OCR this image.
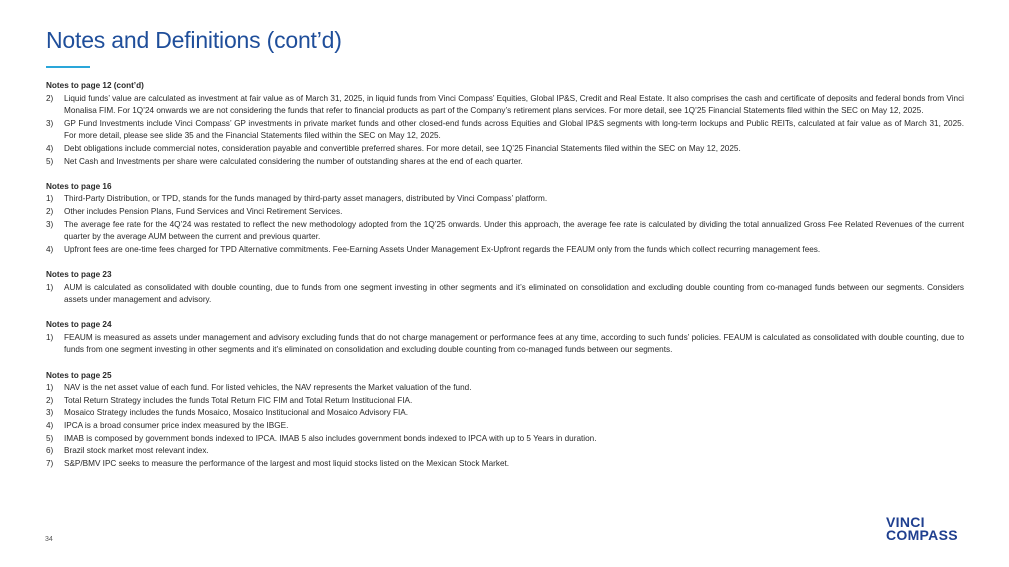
Notes and Definitions (cont’d)
Notes to page 12 (cont’d)
2)	Liquid funds’ value are calculated as investment at fair value as of March 31, 2025, in liquid funds from Vinci Compass’ Equities, Global IP&S, Credit and Real Estate. It also comprises the cash and certificate of deposits and federal bonds from Vinci Monalisa FIM. For 1Q’24 onwards we are not considering the funds that refer to financial products as part of the Company’s retirement plans services. For more detail, see 1Q’25 Financial Statements filed within the SEC on May 12, 2025.
3)	GP Fund Investments include Vinci Compass’ GP investments in private market funds and other closed-end funds across Equities and Global IP&S segments with long-term lockups and Public REITs, calculated at fair value as of March 31, 2025. For more detail, please see slide 35 and the Financial Statements filed within the SEC on May 12, 2025.
4)	Debt obligations include commercial notes, consideration payable and convertible preferred shares. For more detail, see 1Q’25 Financial Statements filed within the SEC on May 12, 2025.
5)	Net Cash and Investments per share were calculated considering the number of outstanding shares at the end of each quarter.
Notes to page 16
1)	Third-Party Distribution, or TPD, stands for the funds managed by third-party asset managers, distributed by Vinci Compass’ platform.
2)	Other includes Pension Plans, Fund Services and Vinci Retirement Services.
3)	The average fee rate for the 4Q’24 was restated to reflect the new methodology adopted from the 1Q’25 onwards. Under this approach, the average fee rate is calculated by dividing the total annualized Gross Fee Related Revenues of the current quarter by the average AUM between the current and previous quarter.
4)	Upfront fees are one-time fees charged for TPD Alternative commitments. Fee-Earning Assets Under Management Ex-Upfront regards the FEAUM only from the funds which collect recurring management fees.
Notes to page 23
1)	AUM is calculated as consolidated with double counting, due to funds from one segment investing in other segments and it’s eliminated on consolidation and excluding double counting from co-managed funds between our segments. Considers assets under management and advisory.
Notes to page 24
1)	FEAUM is measured as assets under management and advisory excluding funds that do not charge management or performance fees at any time, according to such funds’ policies. FEAUM is calculated as consolidated with double counting, due to funds from one segment investing in other segments and it’s eliminated on consolidation and excluding double counting from co-managed funds between our segments.
Notes to page 25
1)	NAV is the net asset value of each fund. For listed vehicles, the NAV represents the Market valuation of the fund.
2)	Total Return Strategy includes the funds Total Return FIC FIM and Total Return Institucional FIA.
3)	Mosaico Strategy includes the funds Mosaico, Mosaico Institucional and Mosaico Advisory FIA.
4)	IPCA is a broad consumer price index measured by the IBGE.
5)	IMAB is composed by government bonds indexed to IPCA. IMAB 5 also includes government bonds indexed to IPCA with up to 5 Years in duration.
6)	Brazil stock market most relevant index.
7)	S&P/BMV IPC seeks to measure the performance of the largest and most liquid stocks listed on the Mexican Stock Market.
34
VINCI
COMPASS
